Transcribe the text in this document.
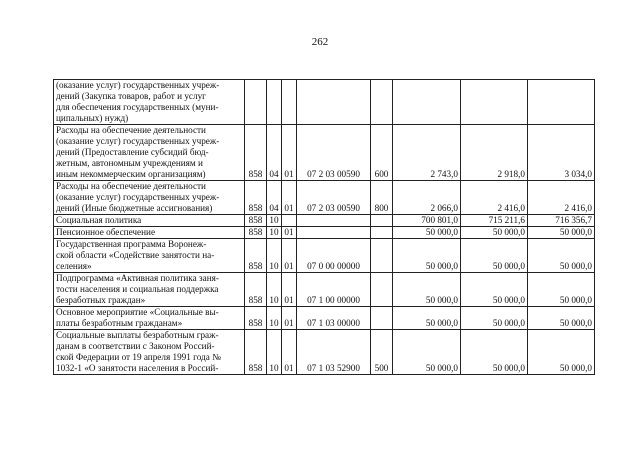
262
(оказание услуг) государственных учреж-
дений (Закупка товаров, работ и услуг
для обеспечения государственных (муни-
ципальных) нужд)								
Расходы на обеспечение деятельности
(оказание услуг) государственных учреж-
дений (Предоставление субсидий бюд-
жетным, автономным учреждениям и
иным некоммерческим организациям)	858	04	01	07 2 03 00590	600	2 743,0	2 918,0	3 034,0
Расходы на обеспечение деятельности
(оказание услуг) государственных учреж-
дений (Иные бюджетные ассигнования)	858	04	01	07 2 03 00590	800	2 066,0	2 416,0	2 416,0
Социальная политика	858	10				700 801,0	715 211,6	716 356,7
Пенсионное обеспечение	858	10	01			50 000,0	50 000,0	50 000,0
Государственная программа Воронеж-
ской области «Содействие занятости на-
селения»	858	10	01	07 0 00 00000		50 000,0	50 000,0	50 000,0
Подпрограмма «Активная политика заня-
тости населения и социальная поддержка
безработных граждан»	858	10	01	07 1 00 00000		50 000,0	50 000,0	50 000,0
Основное мероприятие «Социальные вы-
платы безработным гражданам»	858	10	01	07 1 03 00000		50 000,0	50 000,0	50 000,0
Социальные выплаты безработным граж-
данам в соответствии с Законом Россий-
ской Федерации от 19 апреля 1991 года №
1032-1 «О занятости населения в Россий-	858	10	01	07 1 03 52900	500	50 000,0	50 000,0	50 000,0
